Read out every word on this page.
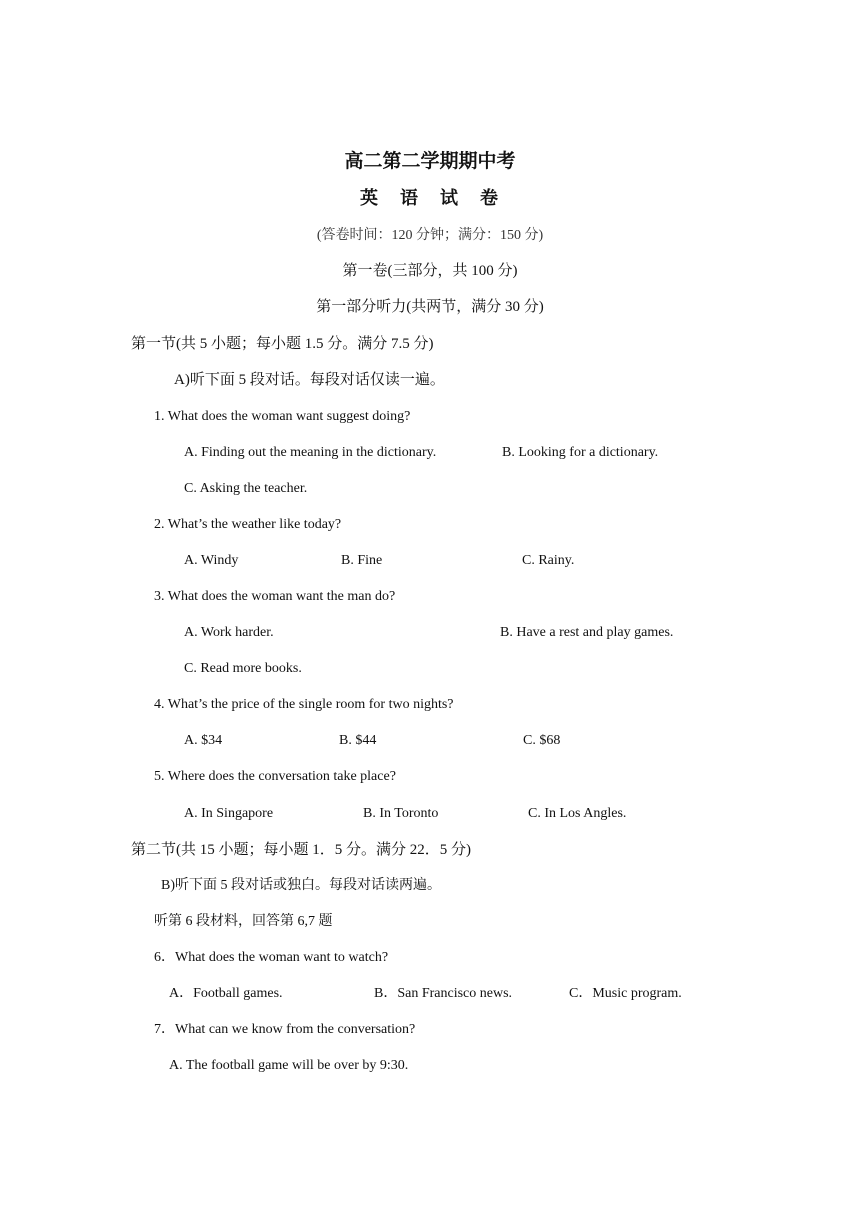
高二第二学期期中考
英 语 试 卷
(答卷时间：120 分钟；满分：150 分)
第一卷(三部分，共 100 分)
第一部分听力(共两节，满分 30 分)
第一节(共 5 小题；每小题 1.5 分。满分 7.5 分)
A)听下面 5 段对话。每段对话仅读一遍。
1. What does the woman want suggest doing?
A. Finding out the meaning in the dictionary.	B. Looking for a dictionary.
C. Asking the teacher.
2. What’s the weather like today?
A. Windy	B. Fine	C. Rainy.
3. What does the woman want the man do?
A. Work harder.	B. Have a rest and play games.
C. Read more books.
4. What’s the price of the single room for two nights?
A. $34	B. $44	C. $68
5. Where does the conversation take place?
A. In Singapore	B. In Toronto	C. In Los Angles.
第二节(共 15 小题；每小题 1．5 分。满分 22．5 分)
B)听下面 5 段对话或独白。每段对话读两遍。
听第 6 段材料，回答第 6,7 题
6．What does the woman want to watch?
A．Football games.	B．San Francisco news.	C．Music program.
7．What can we know from the conversation?
A. The football game will be over by 9:30.
